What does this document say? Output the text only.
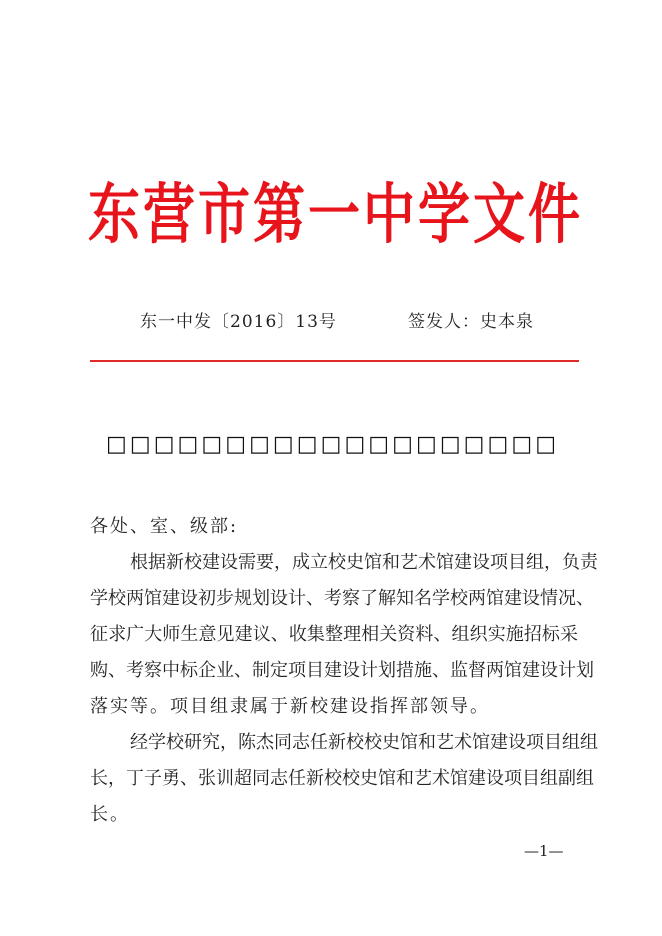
东营市第一中学文件
东一中发〔2016〕13号	签发人：史本泉
□□□□□□□□□□□□□□□□□□□
各处、室、级部:
根据新校建设需要，成立校史馆和艺术馆建设项目组，负责
学校两馆建设初步规划设计、考察了解知名学校两馆建设情况、
征求广大师生意见建议、收集整理相关资料、组织实施招标采
购、考察中标企业、制定项目建设计划措施、监督两馆建设计划
落实等。项目组隶属于新校建设指挥部领导。
经学校研究，陈杰同志任新校校史馆和艺术馆建设项目组组
长，丁子勇、张训超同志任新校校史馆和艺术馆建设项目组副组
长。
—1—
